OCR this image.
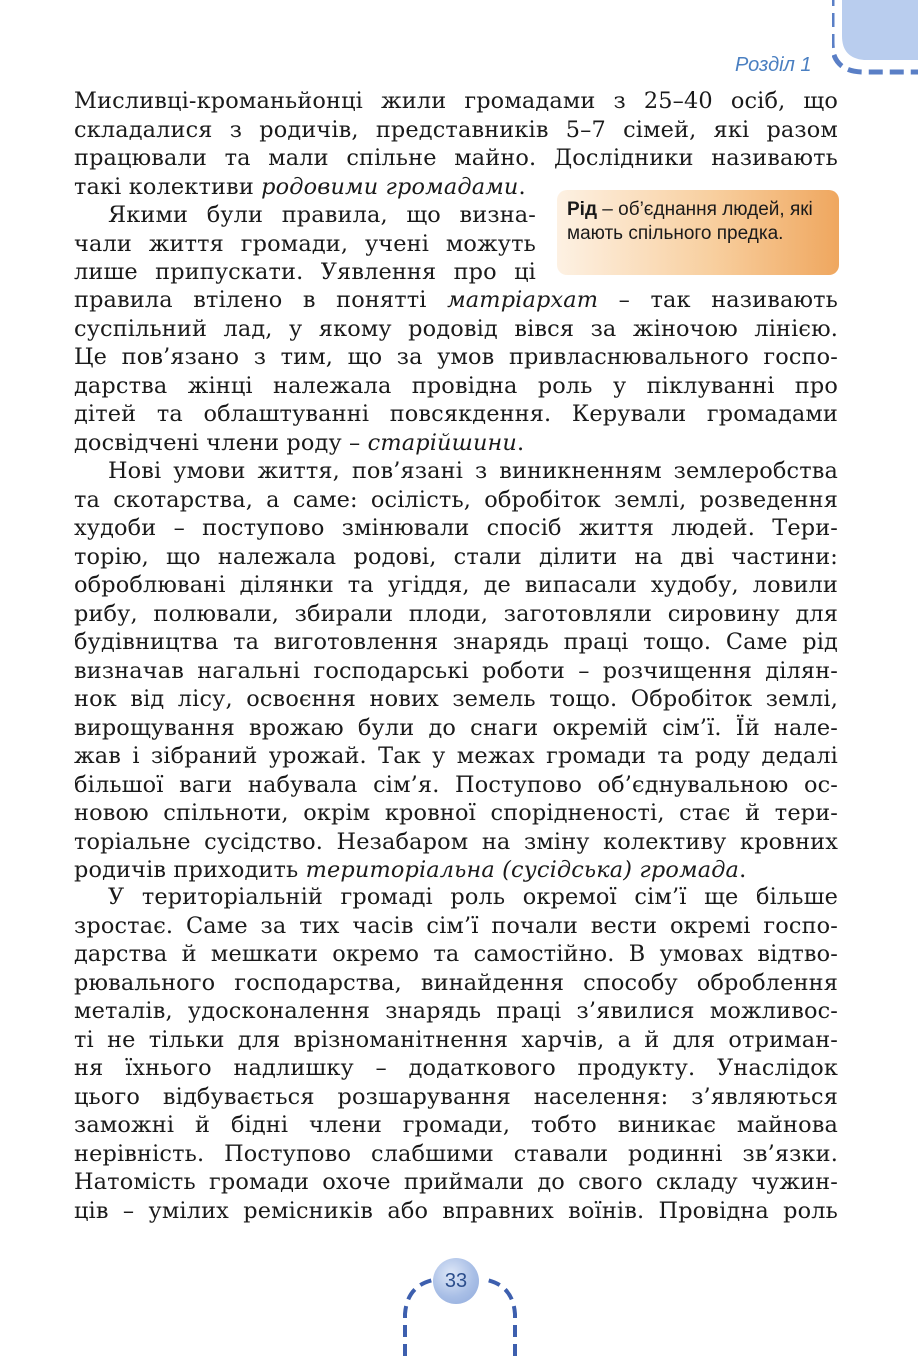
Розділ 1
Мисливці-кроманьйонці жили громадами з 25–40 осіб, що
складалися з родичів, представників 5–7 сімей, які разом
працювали та мали спільне майно. Дослідники називають
такі колективи родовими громадами.
Якими були правила, що визна-
чали життя громади, учені можуть
лише припускати. Уявлення про ці
Рід – об’єднання людей, які мають спільного предка.
правила втілено в понятті матріархат – так називають
суспільний лад, у якому родовід вівся за жіночою лінією.
Це пов’язано з тим, що за умов привласнювального госпо-
дарства жінці належала провідна роль у піклуванні про
дітей та облаштуванні повсякдення. Керували громадами
досвідчені члени роду – старійшини.
Нові умови життя, пов’язані з виникненням землеробства
та скотарства, а саме: осілість, обробіток землі, розведення
худоби – поступово змінювали спосіб життя людей. Тери-
торію, що належала родові, стали ділити на дві частини:
оброблювані ділянки та угіддя, де випасали худобу, ловили
рибу, полювали, збирали плоди, заготовляли сировину для
будівництва та виготовлення знарядь праці тощо. Саме рід
визначав нагальні господарські роботи – розчищення ділян-
нок від лісу, освоєння нових земель тощо. Обробіток землі,
вирощування врожаю були до снаги окремій сім’ї. Їй нале-
жав і зібраний урожай. Так у межах громади та роду дедалі
більшої ваги набувала сім’я. Поступово об’єднувальною ос-
новою спільноти, окрім кровної спорідненості, стає й тери-
торіальне сусідство. Незабаром на зміну колективу кровних
родичів приходить територіальна (сусідська) громада.
У територіальній громаді роль окремої сім’ї ще більше
зростає. Саме за тих часів сім’ї почали вести окремі госпо-
дарства й мешкати окремо та самостійно. В умовах відтво-
рювального господарства, винайдення способу оброблення
металів, удосконалення знарядь праці з’явилися можливос-
ті не тільки для врізноманітнення харчів, а й для отриман-
ня їхнього надлишку – додаткового продукту. Унаслідок
цього відбувається розшарування населення: з’являються
заможні й бідні члени громади, тобто виникає майнова
нерівність. Поступово слабшими ставали родинні зв’язки.
Натомість громади охоче приймали до свого складу чужин-
ців – умілих ремісників або вправних воїнів. Провідна роль
33
